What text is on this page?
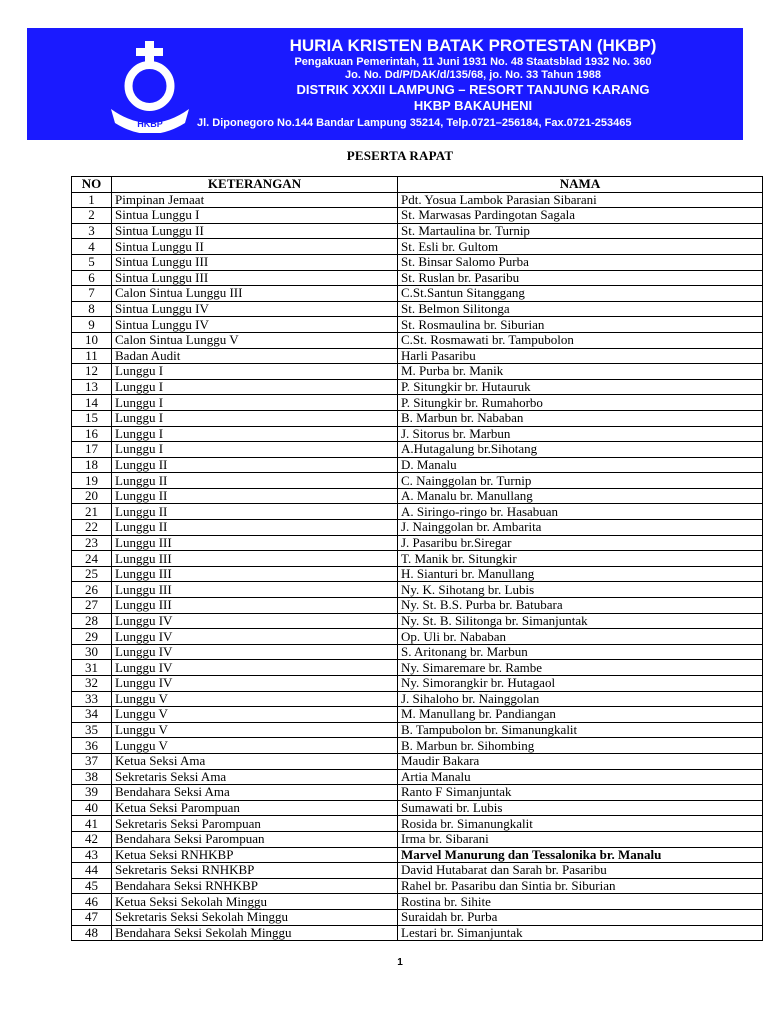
HKBP
HURIA KRISTEN BATAK PROTESTAN (HKBP)
Pengakuan Pemerintah, 11 Juni 1931 No. 48 Staatsblad 1932 No. 360
Jo. No. Dd/P/DAK/d/135/68, jo. No. 33 Tahun 1988
DISTRIK XXXII LAMPUNG – RESORT TANJUNG KARANG
HKBP BAKAUHENI
Jl. Diponegoro No.144 Bandar Lampung 35214, Telp.0721–256184, Fax.0721-253465
PESERTA RAPAT
NO	KETERANGAN	NAMA
1	Pimpinan Jemaat	Pdt. Yosua Lambok Parasian Sibarani
2	Sintua Lunggu I	St. Marwasas Pardingotan Sagala
3	Sintua Lunggu II	St. Martaulina br. Turnip
4	Sintua Lunggu II	St. Esli br. Gultom
5	Sintua Lunggu III	St. Binsar Salomo Purba
6	Sintua Lunggu III	St. Ruslan br. Pasaribu
7	Calon Sintua Lunggu III	C.St.Santun Sitanggang
8	Sintua Lunggu IV	St. Belmon Silitonga
9	Sintua Lunggu IV	St. Rosmaulina br. Siburian
10	Calon Sintua Lunggu V	C.St. Rosmawati br. Tampubolon
11	Badan Audit	Harli Pasaribu
12	Lunggu I	M. Purba br. Manik
13	Lunggu I	P. Situngkir br. Hutauruk
14	Lunggu I	P. Situngkir br. Rumahorbo
15	Lunggu I	B. Marbun br. Nababan
16	Lunggu I	J. Sitorus br. Marbun
17	Lunggu I	A.Hutagalung br.Sihotang
18	Lunggu II	D. Manalu
19	Lunggu II	C. Nainggolan br. Turnip
20	Lunggu II	A. Manalu br. Manullang
21	Lunggu II	A. Siringo-ringo br. Hasabuan
22	Lunggu II	J. Nainggolan br. Ambarita
23	Lunggu III	J. Pasaribu br.Siregar
24	Lunggu III	T. Manik br. Situngkir
25	Lunggu III	H. Sianturi br. Manullang
26	Lunggu III	Ny. K. Sihotang br. Lubis
27	Lunggu III	Ny. St. B.S. Purba br. Batubara
28	Lunggu IV	Ny. St. B. Silitonga br. Simanjuntak
29	Lunggu IV	Op. Uli br. Nababan
30	Lunggu IV	S. Aritonang br. Marbun
31	Lunggu IV	Ny. Simaremare br. Rambe
32	Lunggu IV	Ny. Simorangkir br. Hutagaol
33	Lunggu V	J. Sihaloho br. Nainggolan
34	Lunggu V	M. Manullang br. Pandiangan
35	Lunggu V	B. Tampubolon br. Simanungkalit
36	Lunggu V	B. Marbun br. Sihombing
37	Ketua Seksi Ama	Maudir Bakara
38	Sekretaris Seksi Ama	Artia Manalu
39	Bendahara Seksi Ama	Ranto F Simanjuntak
40	Ketua Seksi Parompuan	Sumawati br. Lubis
41	Sekretaris Seksi Parompuan	Rosida br. Simanungkalit
42	Bendahara Seksi Parompuan	Irma br. Sibarani
43	Ketua Seksi RNHKBP	Marvel Manurung dan Tessalonika br. Manalu
44	Sekretaris Seksi RNHKBP	David Hutabarat dan Sarah br. Pasaribu
45	Bendahara Seksi RNHKBP	Rahel br. Pasaribu dan Sintia br. Siburian
46	Ketua Seksi Sekolah Minggu	Rostina br. Sihite
47	Sekretaris Seksi Sekolah Minggu	Suraidah br. Purba
48	Bendahara Seksi Sekolah Minggu	Lestari br. Simanjuntak
1
